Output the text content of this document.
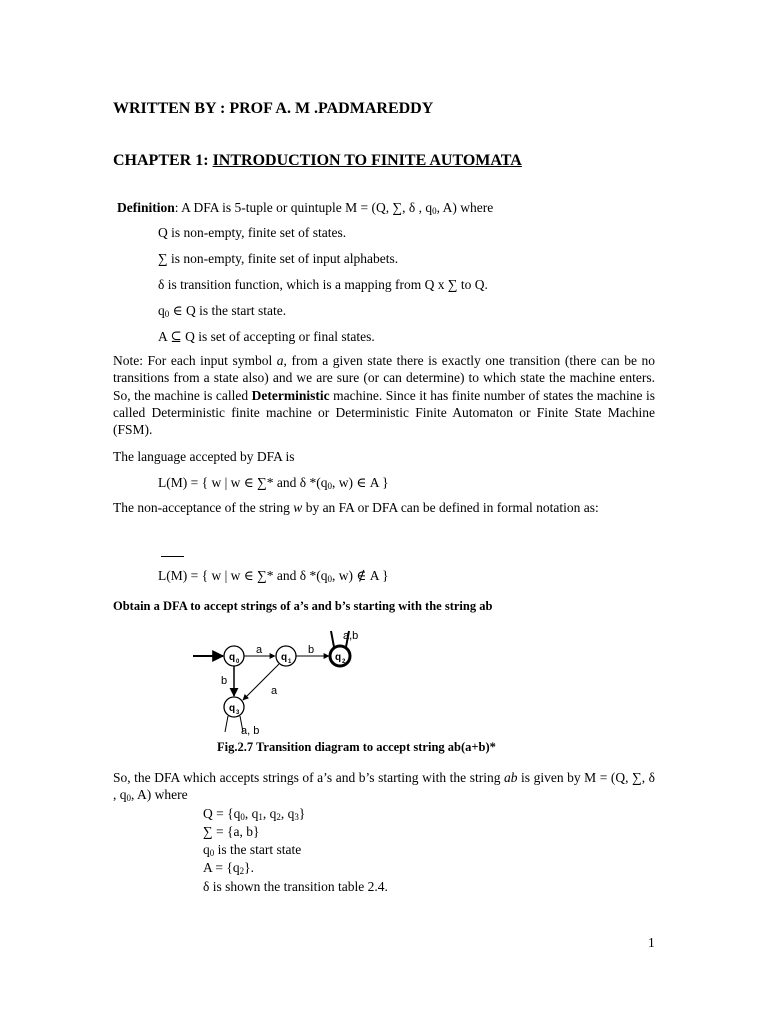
WRITTEN BY : PROF A. M .PADMAREDDY
CHAPTER 1: INTRODUCTION TO FINITE AUTOMATA
Definition: A DFA is 5-tuple or quintuple M = (Q, ∑, δ , $q_0$, A) where
Q is non-empty, finite set of states.
∑ is non-empty, finite set of input alphabets.
δ is transition function, which is a mapping from Q x ∑ to Q.
$q_0$ ∈ Q is the start state.
A ⊆ Q is set of accepting or final states.
Note: For each input symbol a, from a given state there is exactly one transition (there can be no transitions from a state also) and we are sure (or can determine) to which state the machine enters. So, the machine is called Deterministic machine. Since it has finite number of states the machine is called Deterministic finite machine or Deterministic Finite Automaton or Finite State Machine (FSM).
The language accepted by DFA is
L(M) = { w | w ∈ ∑* and δ $*(q_0$, w) ∈ A }
The non-acceptance of the string w by an FA or DFA can be defined in formal notation as:
L(M) = { w | w ∈ ∑* and δ $*(q_0$, w) ∉ A }
Obtain a DFA to accept strings of a’s and b’s starting with the string ab
q 0	q 1	q 2
q 3
a	b
a,b
b
a
a, b
Fig.2.7 Transition diagram to accept string ab(a+b)*
So, the DFA which accepts strings of a’s and b’s starting with the string ab is given by M = (Q, ∑, δ , $q_0$, A) where
$Q = \{q_0$, $q_1$, $q_2$, $q_3$}
∑ = {a, b}
$q_0$ is the start state
$A = \{q_2\}$.
δ is shown the transition table 2.4.
1
